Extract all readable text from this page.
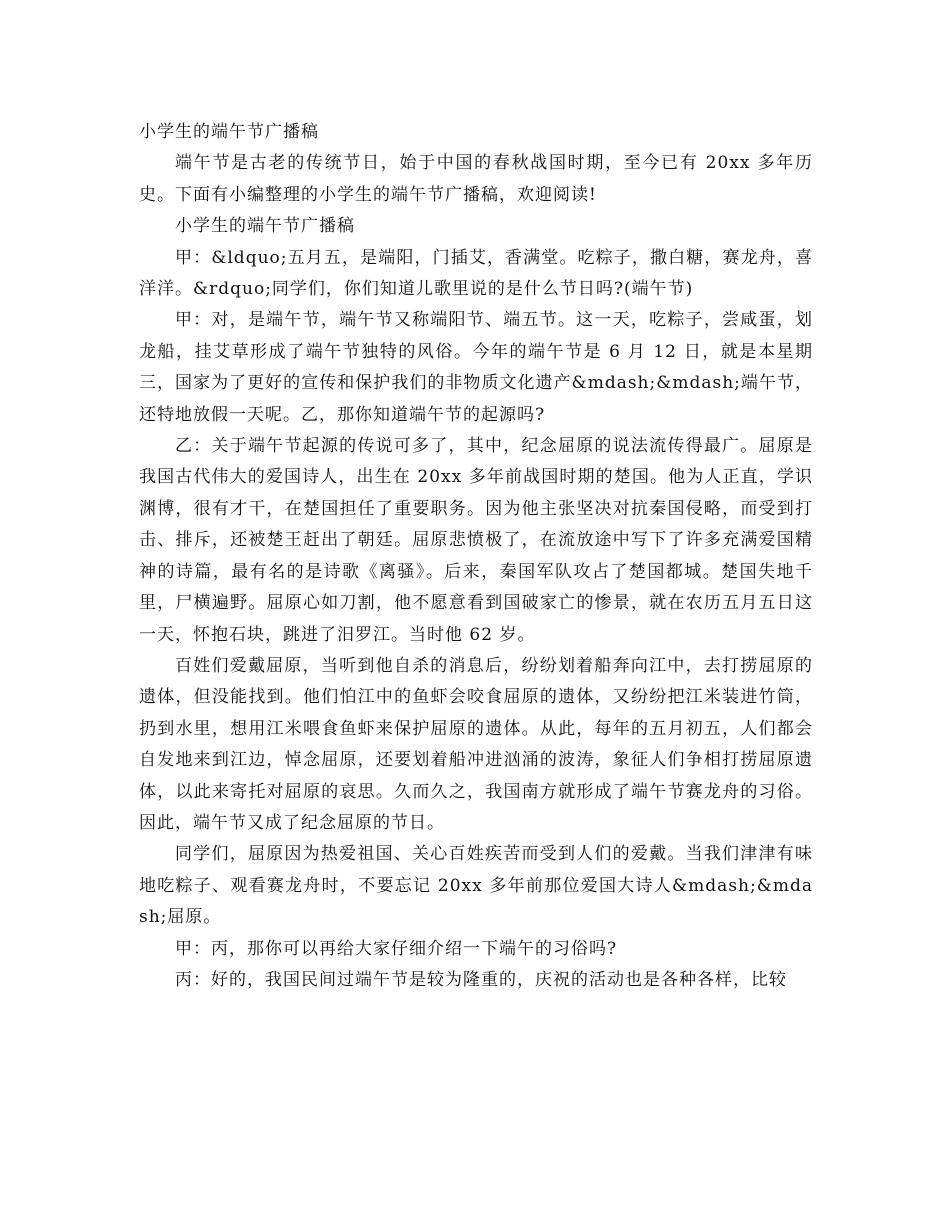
小学生的端午节广播稿

端午节是古老的传统节日，始于中国的春秋战国时期，至今已有 20xx 多年历史。下面有小编整理的小学生的端午节广播稿，欢迎阅读!

小学生的端午节广播稿

甲：&ldquo;五月五，是端阳，门插艾，香满堂。吃粽子，撒白糖，赛龙舟，喜洋洋。&rdquo;同学们，你们知道儿歌里说的是什么节日吗?(端午节)

甲：对，是端午节，端午节又称端阳节、端五节。这一天，吃粽子，尝咸蛋，划龙船，挂艾草形成了端午节独特的风俗。今年的端午节是 6 月 12 日，就是本星期三，国家为了更好的宣传和保护我们的非物质文化遗产&mdash;&mdash;端午节，还特地放假一天呢。乙，那你知道端午节的起源吗?

乙：关于端午节起源的传说可多了，其中，纪念屈原的说法流传得最广。屈原是我国古代伟大的爱国诗人，出生在 20xx 多年前战国时期的楚国。他为人正直，学识渊博，很有才干，在楚国担任了重要职务。因为他主张坚决对抗秦国侵略，而受到打击、排斥，还被楚王赶出了朝廷。屈原悲愤极了，在流放途中写下了许多充满爱国精神的诗篇，最有名的是诗歌《离骚》。后来，秦国军队攻占了楚国都城。楚国失地千里，尸横遍野。屈原心如刀割，他不愿意看到国破家亡的惨景，就在农历五月五日这一天，怀抱石块，跳进了汨罗江。当时他 62 岁。

百姓们爱戴屈原，当听到他自杀的消息后，纷纷划着船奔向江中，去打捞屈原的遗体，但没能找到。他们怕江中的鱼虾会咬食屈原的遗体，又纷纷把江米装进竹筒，扔到水里，想用江米喂食鱼虾来保护屈原的遗体。从此，每年的五月初五，人们都会自发地来到江边，悼念屈原，还要划着船冲进汹涌的波涛，象征人们争相打捞屈原遗体，以此来寄托对屈原的哀思。久而久之，我国南方就形成了端午节赛龙舟的习俗。因此，端午节又成了纪念屈原的节日。

同学们，屈原因为热爱祖国、关心百姓疾苦而受到人们的爱戴。当我们津津有味地吃粽子、观看赛龙舟时，不要忘记 20xx 多年前那位爱国大诗人&mdash;&mdash;屈原。

甲：丙，那你可以再给大家仔细介绍一下端午的习俗吗?

丙：好的，我国民间过端午节是较为隆重的，庆祝的活动也是各种各样，比较
